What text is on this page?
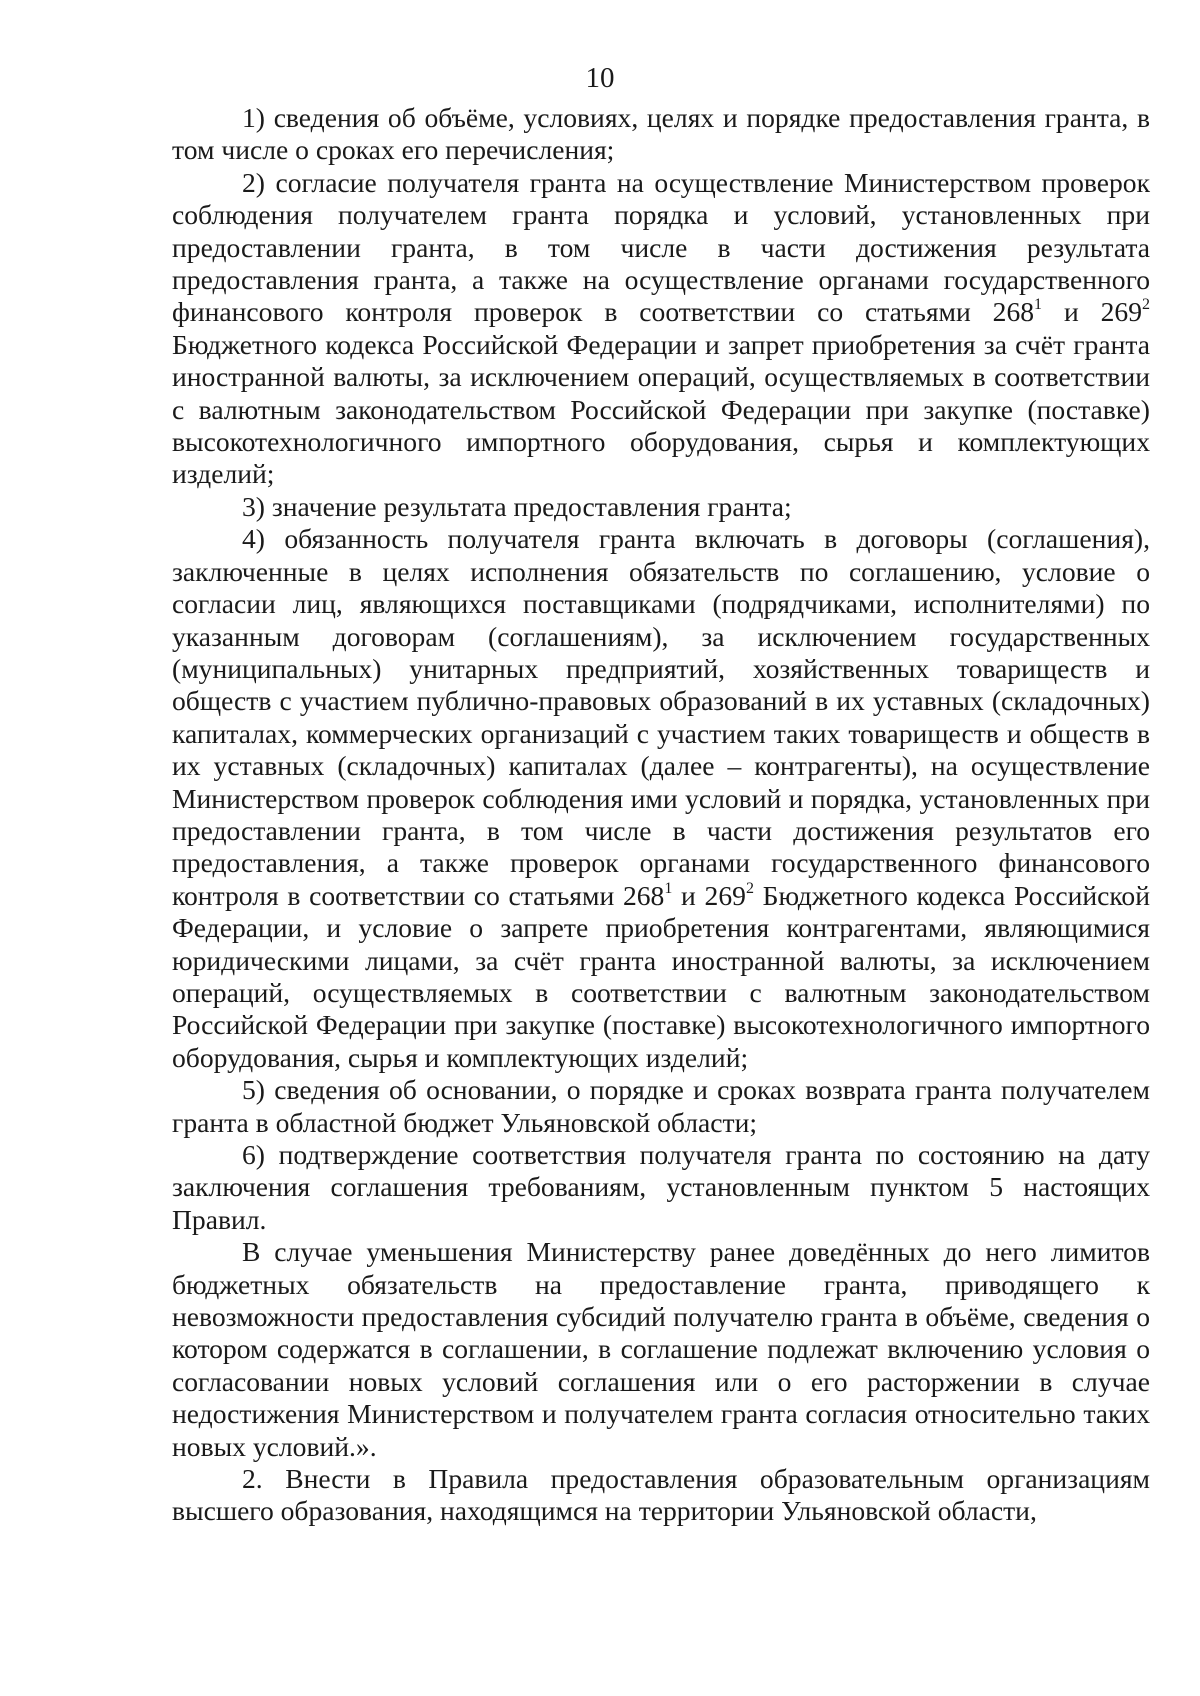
10

1) сведения об объёме, условиях, целях и порядке предоставления гранта, в том числе о сроках его перечисления;

2) согласие получателя гранта на осуществление Министерством проверок соблюдения получателем гранта порядка и условий, установленных при предоставлении гранта, в том числе в части достижения результата предоставления гранта, а также на осуществление органами государственного финансового контроля проверок в соответствии со статьями $268^1$ и $269^2$ Бюджетного кодекса Российской Федерации и запрет приобретения за счёт гранта иностранной валюты, за исключением операций, осуществляемых в соответствии с валютным законодательством Российской Федерации при закупке (поставке) высокотехнологичного импортного оборудования, сырья и комплектующих изделий;

3) значение результата предоставления гранта;

4) обязанность получателя гранта включать в договоры (соглашения), заключенные в целях исполнения обязательств по соглашению, условие о согласии лиц, являющихся поставщиками (подрядчиками, исполнителями) по указанным договорам (соглашениям), за исключением государственных (муниципальных) унитарных предприятий, хозяйственных товариществ и обществ с участием публично-правовых образований в их уставных (складочных) капиталах, коммерческих организаций с участием таких товариществ и обществ в их уставных (складочных) капиталах (далее – контрагенты), на осуществление Министерством проверок соблюдения ими условий и порядка, установленных при предоставлении гранта, в том числе в части достижения результатов его предоставления, а также проверок органами государственного финансового контроля в соответствии со статьями $268^1$ и $269^2$ Бюджетного кодекса Российской Федерации, и условие о запрете приобретения контрагентами, являющимися юридическими лицами, за счёт гранта иностранной валюты, за исключением операций, осуществляемых в соответствии с валютным законодательством Российской Федерации при закупке (поставке) высокотехнологичного импортного оборудования, сырья и комплектующих изделий;

5) сведения об основании, о порядке и сроках возврата гранта получателем гранта в областной бюджет Ульяновской области;

6) подтверждение соответствия получателя гранта по состоянию на дату заключения соглашения требованиям, установленным пунктом 5 настоящих Правил.

В случае уменьшения Министерству ранее доведённых до него лимитов бюджетных обязательств на предоставление гранта, приводящего к невозможности предоставления субсидий получателю гранта в объёме, сведения о котором содержатся в соглашении, в соглашение подлежат включению условия о согласовании новых условий соглашения или о его расторжении в случае недостижения Министерством и получателем гранта согласия относительно таких новых условий.».

2. Внести в Правила предоставления образовательным организациям высшего образования, находящимся на территории Ульяновской области,
